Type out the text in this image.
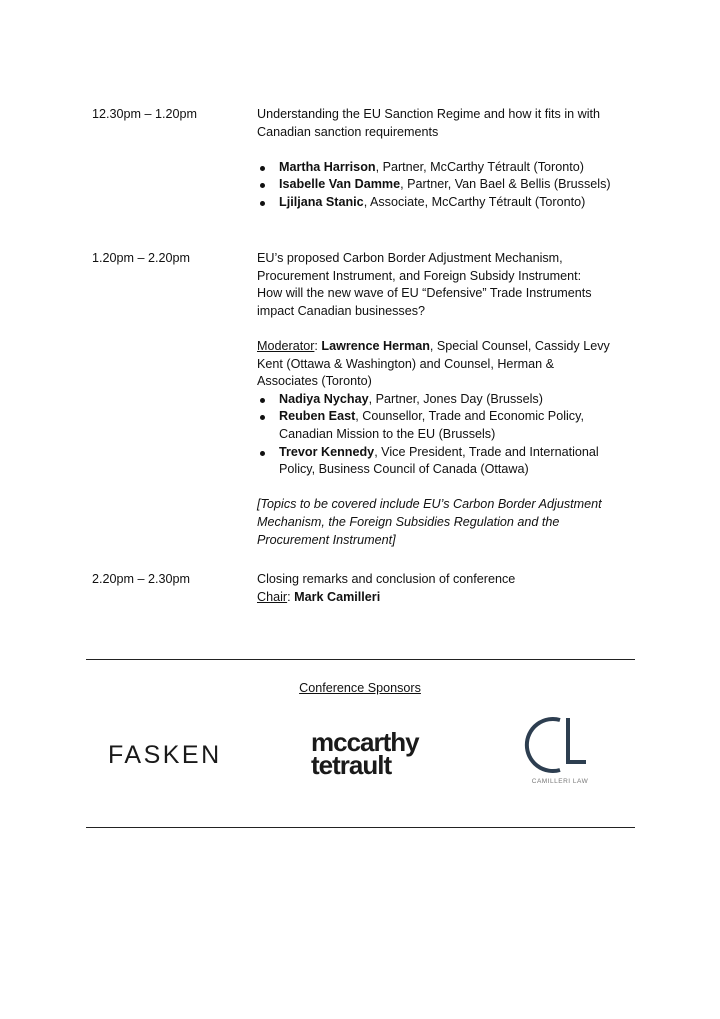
12.30pm – 1.20pm	Understanding the EU Sanction Regime and how it fits in with
Canadian sanction requirements

Martha Harrison, Partner, McCarthy Tétrault (Toronto)
Isabelle Van Damme, Partner, Van Bael & Bellis (Brussels)
Ljiljana Stanic, Associate, McCarthy Tétrault (Toronto)
1.20pm – 2.20pm	EU’s proposed Carbon Border Adjustment Mechanism,
Procurement Instrument, and Foreign Subsidy Instrument:
How will the new wave of EU “Defensive” Trade Instruments
impact Canadian businesses?

Moderator: Lawrence Herman, Special Counsel, Cassidy Levy
Kent (Ottawa & Washington) and Counsel, Herman &
Associates (Toronto)

Nadiya Nychay, Partner, Jones Day (Brussels)
Reuben East, Counsellor, Trade and Economic Policy,
Canadian Mission to the EU (Brussels)
Trevor Kennedy, Vice President, Trade and International
Policy, Business Council of Canada (Ottawa)

[Topics to be covered include EU’s Carbon Border Adjustment
Mechanism, the Foreign Subsidies Regulation and the
Procurement Instrument]

2.20pm – 2.30pm	Closing remarks and conclusion of conference

Chair: Mark Camilleri

Conference Sponsors
FASKEN	mccarthy
tetrault
CAMILLERI LAW
